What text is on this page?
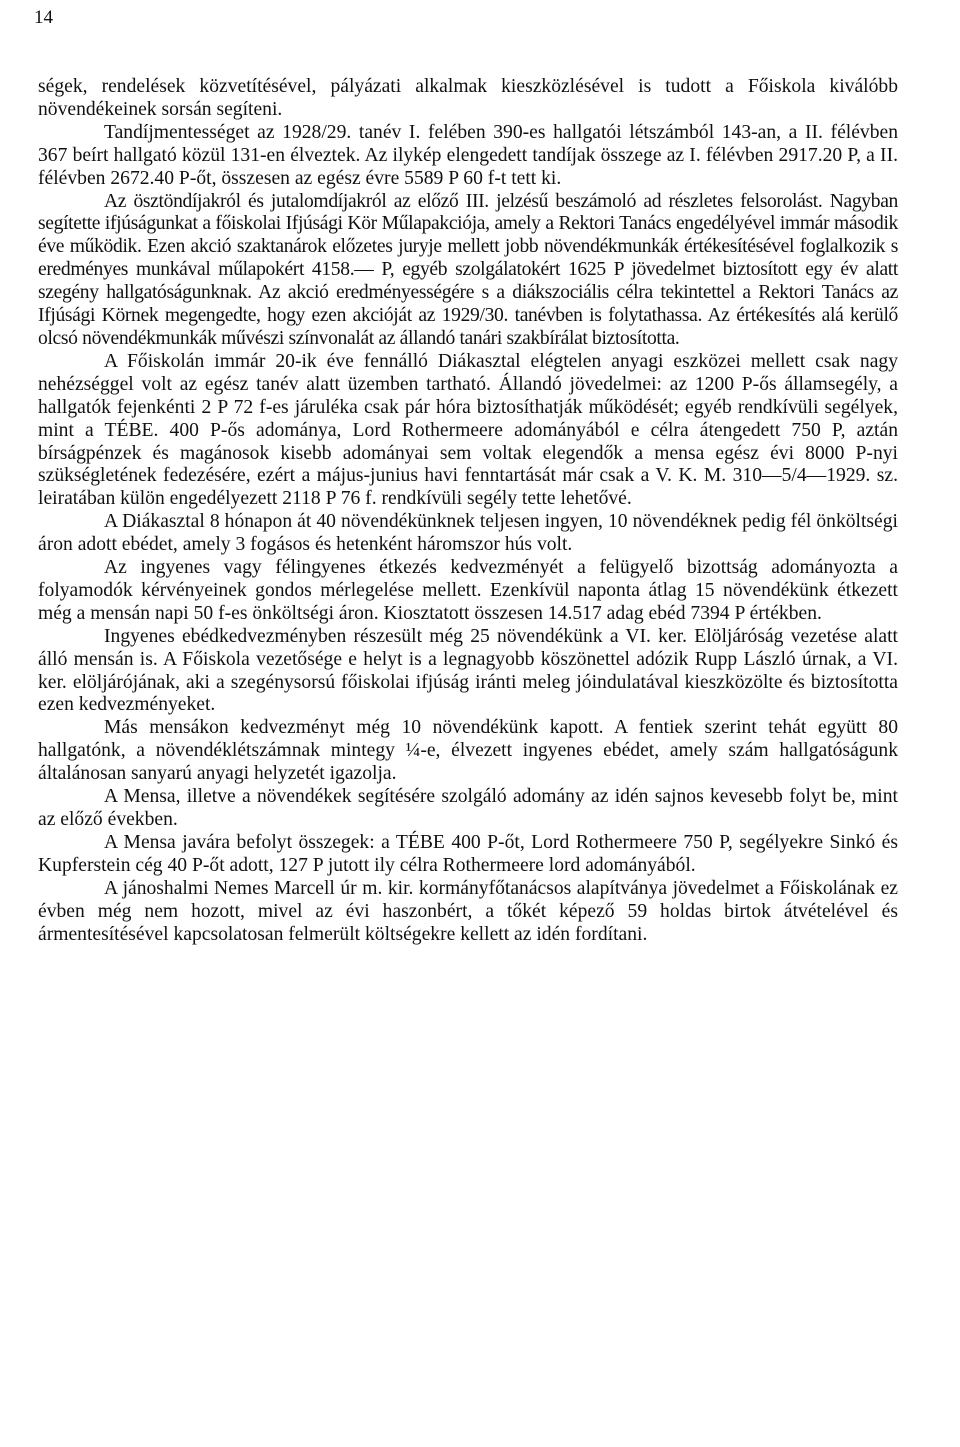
14

ségek, rendelések közvetítésével, pályázati alkalmak kieszközlésével is tudott a Főiskola kiválóbb növendékeinek sorsán segíteni.

Tandíjmentességet az 1928/29. tanév I. felében 390-es hallgatói létszámból 143-an, a II. félévben 367 beírt hallgató közül 131-en élveztek. Az ilykép elengedett tandíjak összege az I. félévben 2917.20 P, a II. félévben 2672.40 P-őt, összesen az egész évre 5589 P 60 f-t tett ki.

Az ösztöndíjakról és jutalomdíjakról az előző III. jelzésű beszámoló ad részletes felsorolást. Nagyban segítette ifjúságunkat a főiskolai Ifjúsági Kör Műlapakciója, amely a Rektori Tanács engedélyével immár második éve működik. Ezen akció szaktanárok előzetes juryje mellett jobb növendékmunkák értékesítésével foglalkozik s eredményes munkával műlapokért 4158.— P, egyéb szolgálatokért 1625 P jövedelmet biztosított egy év alatt szegény hallgatóságunknak. Az akció eredményességére s a diákszociális célra tekintettel a Rektori Tanács az Ifjúsági Körnek megengedte, hogy ezen akcióját az 1929/30. tanévben is folytathassa. Az értékesítés alá kerülő olcsó növendékmunkák művészi színvonalát az állandó tanári szakbírálat biztosította.

A Főiskolán immár 20-ik éve fennálló Diákasztal elégtelen anyagi eszközei mellett csak nagy nehézséggel volt az egész tanév alatt üzemben tartható. Állandó jövedelmei: az 1200 P-ős államsegély, a hallgatók fejenkénti 2 P 72 f-es járuléka csak pár hóra biztosíthatják működését; egyéb rendkívüli segélyek, mint a TÉBE. 400 P-ős adománya, Lord Rothermeere adományából e célra átengedett 750 P, aztán bírságpénzek és magánosok kisebb adományai sem voltak elegendők a mensa egész évi 8000 P-nyi szükségletének fedezésére, ezért a május-junius havi fenntartását már csak a V. K. M. 310—5/4—1929. sz. leiratában külön engedélyezett 2118 P 76 f. rendkívüli segély tette lehetővé.

A Diákasztal 8 hónapon át 40 növendékünknek teljesen ingyen, 10 növendéknek pedig fél önköltségi áron adott ebédet, amely 3 fogásos és hetenként háromszor hús volt.

Az ingyenes vagy félingyenes étkezés kedvezményét a felügyelő bizottság adományozta a folyamodók kérvényeinek gondos mérlegelése mellett. Ezenkívül naponta átlag 15 növendékünk étkezett még a mensán napi 50 f-es önköltségi áron. Kiosztatott összesen 14.517 adag ebéd 7394 P értékben.

Ingyenes ebédkedvezményben részesült még 25 növendékünk a VI. ker. Elöljáróság vezetése alatt álló mensán is. A Főiskola vezetősége e helyt is a legnagyobb köszönettel adózik Rupp László úrnak, a VI. ker. elöljárójának, aki a szegénysorsú főiskolai ifjúság iránti meleg jóindulatával kieszközölte és biztosította ezen kedvezményeket.

Más mensákon kedvezményt még 10 növendékünk kapott. A fentiek szerint tehát együtt 80 hallgatónk, a növendéklétszámnak mintegy ¼-e, élvezett ingyenes ebédet, amely szám hallgatóságunk általánosan sanyarú anyagi helyzetét igazolja.

A Mensa, illetve a növendékek segítésére szolgáló adomány az idén sajnos kevesebb folyt be, mint az előző években.

A Mensa javára befolyt összegek: a TÉBE 400 P-őt, Lord Rothermeere 750 P, segélyekre Sinkó és Kupferstein cég 40 P-őt adott, 127 P jutott ily célra Rothermeere lord adományából.

A jánoshalmi Nemes Marcell úr m. kir. kormányfőtanácsos alapítványa jövedelmet a Főiskolának ez évben még nem hozott, mivel az évi haszonbért, a tőkét képező 59 holdas birtok átvételével és ármentesítésével kapcsolatosan felmerült költségekre kellett az idén fordítani.
